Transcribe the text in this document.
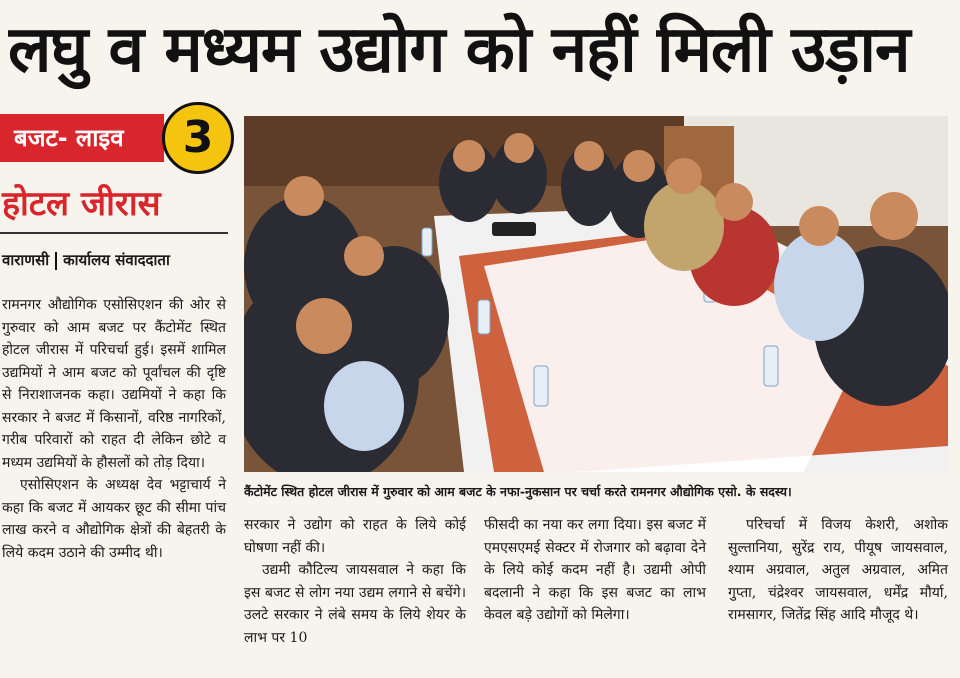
लघु व मध्यम उद्योग को नहीं मिली उड़ान
बजट- लाइव	3
होटल जीरास
वाराणसी कार्यालय संवाददाता

रामनगर औद्योगिक एसोसिएशन की ओर से गुरुवार को आम बजट पर कैंटोमेंट स्थित होटल जीरास में परिचर्चा हुई। इसमें शामिल उद्यमियों ने आम बजट को पूर्वांचल की दृष्टि से निराशाजनक कहा। उद्यमियों ने कहा कि सरकार ने बजट में किसानों, वरिष्ठ नागरिकों, गरीब परिवारों को राहत दी लेकिन छोटे व मध्यम उद्यमियों के हौसलों को तोड़ दिया।

एसोसिएशन के अध्यक्ष देव भट्टाचार्य ने कहा कि बजट में आयकर छूट की सीमा पांच लाख करने व औद्योगिक क्षेत्रों की बेहतरी के लिये कदम उठाने की उम्मीद थी।

कैंटोमेंट स्थित होटल जीरास में गुरुवार को आम बजट के नफा-नुकसान पर चर्चा करते रामनगर औद्योगिक एसो. के सदस्य।

सरकार ने उद्योग को राहत के लिये कोई घोषणा नहीं की।

उद्यमी कौटिल्य जायसवाल ने कहा कि इस बजट से लोग नया उद्यम लगाने से बचेंगे। उलटे सरकार ने लंबे समय के लिये शेयर के लाभ पर 10

फीसदी का नया कर लगा दिया। इस बजट में एमएसएमई सेक्टर में रोजगार को बढ़ावा देने के लिये कोई कदम नहीं है। उद्यमी ओपी बदलानी ने कहा कि इस बजट का लाभ केवल बड़े उद्योगों को मिलेगा।

परिचर्चा में विजय केशरी, अशोक सुल्तानिया, सुरेंद्र राय, पीयूष जायसवाल, श्याम अग्रवाल, अतुल अग्रवाल, अमित गुप्ता, चंद्रेश्वर जायसवाल, धर्मेंद्र मौर्या, रामसागर, जितेंद्र सिंह आदि मौजूद थे।
